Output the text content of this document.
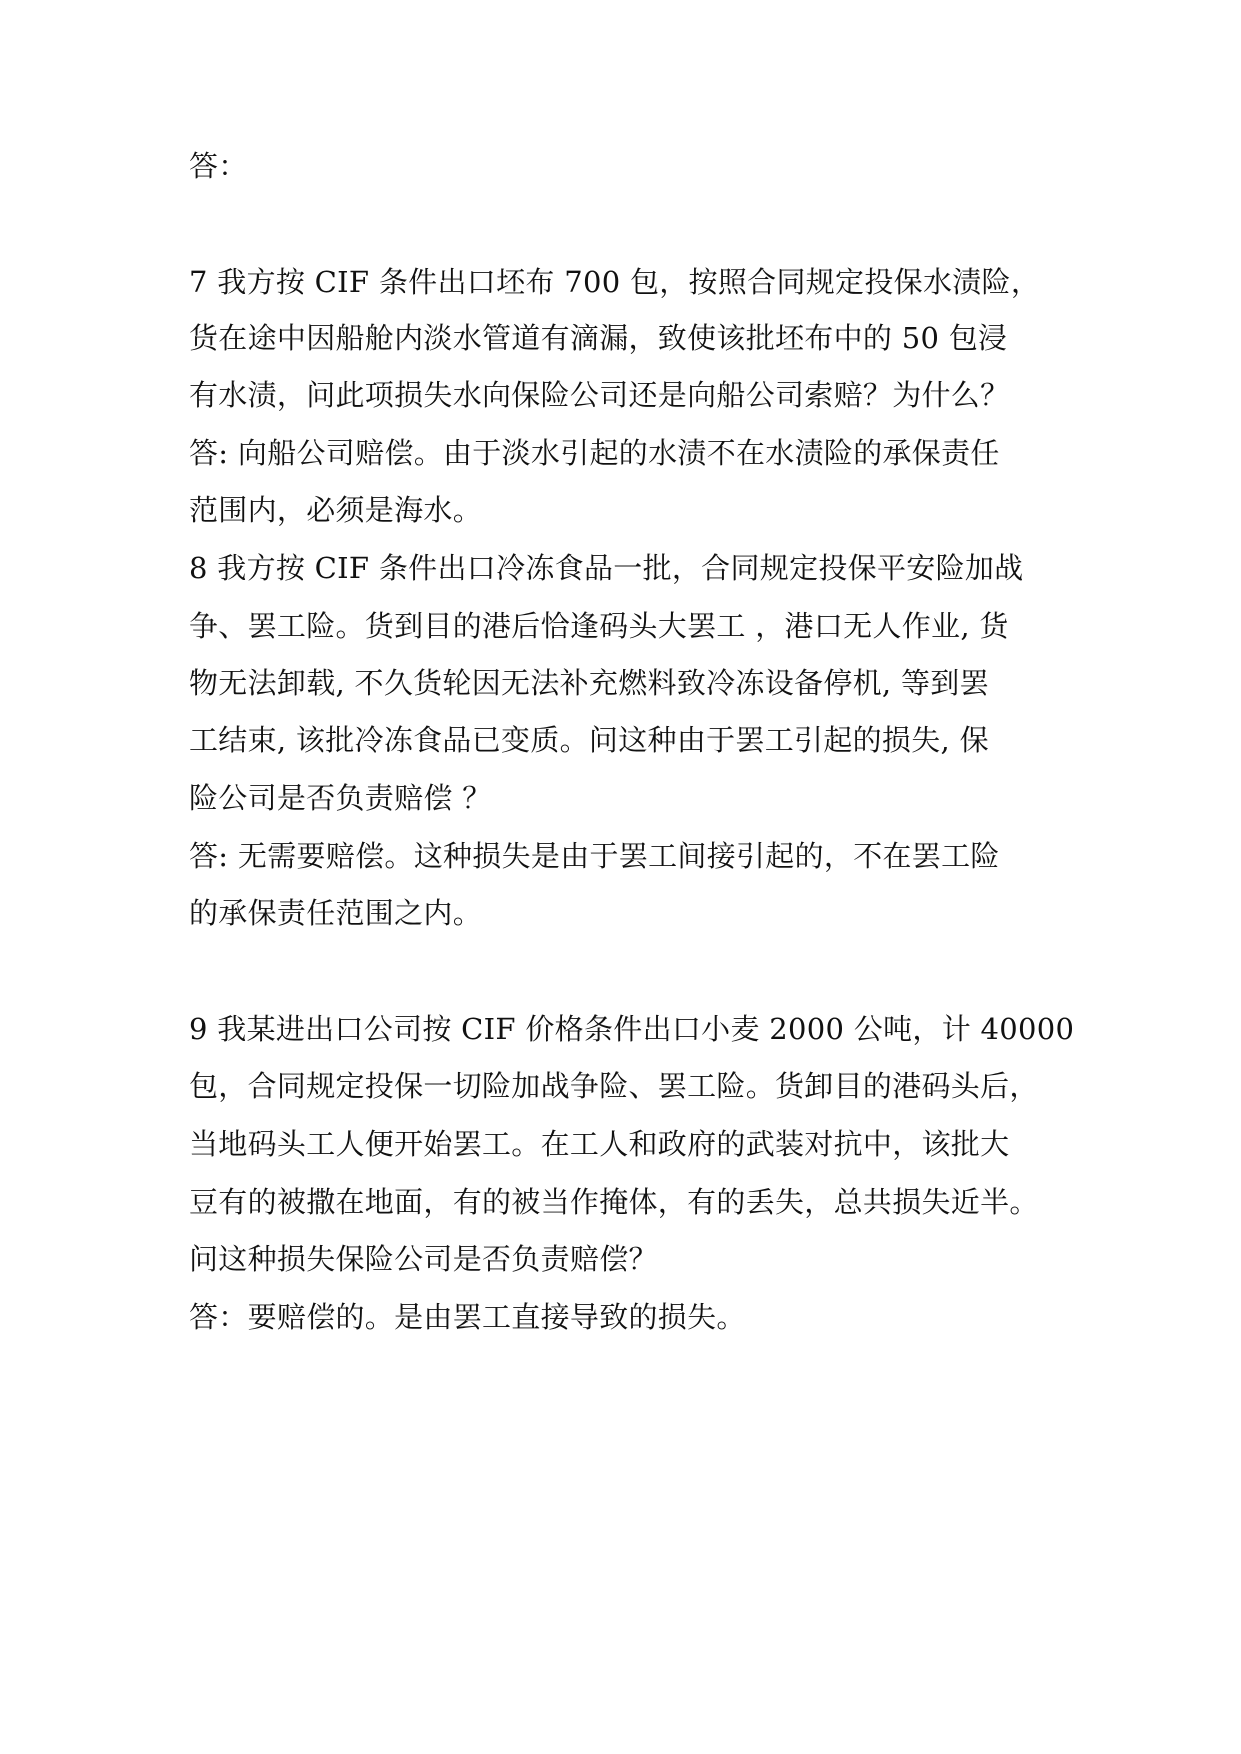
答：
7 我方按 CIF 条件出口坯布 700 包，按照合同规定投保水渍险，
货在途中因船舱内淡水管道有滴漏，致使该批坯布中的 50 包浸
有水渍，问此项损失水向保险公司还是向船公司索赔？为什么？
答: 向船公司赔偿。由于淡水引起的水渍不在水渍险的承保责任
范围内，必须是海水。
8 我方按 CIF 条件出口冷冻食品一批，合同规定投保平安险加战
争、罢工险。货到目的港后恰逢码头大罢工 ，港口无人作业, 货
物无法卸载, 不久货轮因无法补充燃料致冷冻设备停机, 等到罢
工结束, 该批冷冻食品已变质。问这种由于罢工引起的损失, 保
险公司是否负责赔偿 ？
答: 无需要赔偿。这种损失是由于罢工间接引起的，不在罢工险
的承保责任范围之内。
9 我某进出口公司按 CIF 价格条件出口小麦 2000 公吨，计 40000
包，合同规定投保一切险加战争险、罢工险。货卸目的港码头后，
当地码头工人便开始罢工。在工人和政府的武装对抗中，该批大
豆有的被撒在地面，有的被当作掩体，有的丢失，总共损失近半。
问这种损失保险公司是否负责赔偿？
答：要赔偿的。是由罢工直接导致的损失。
